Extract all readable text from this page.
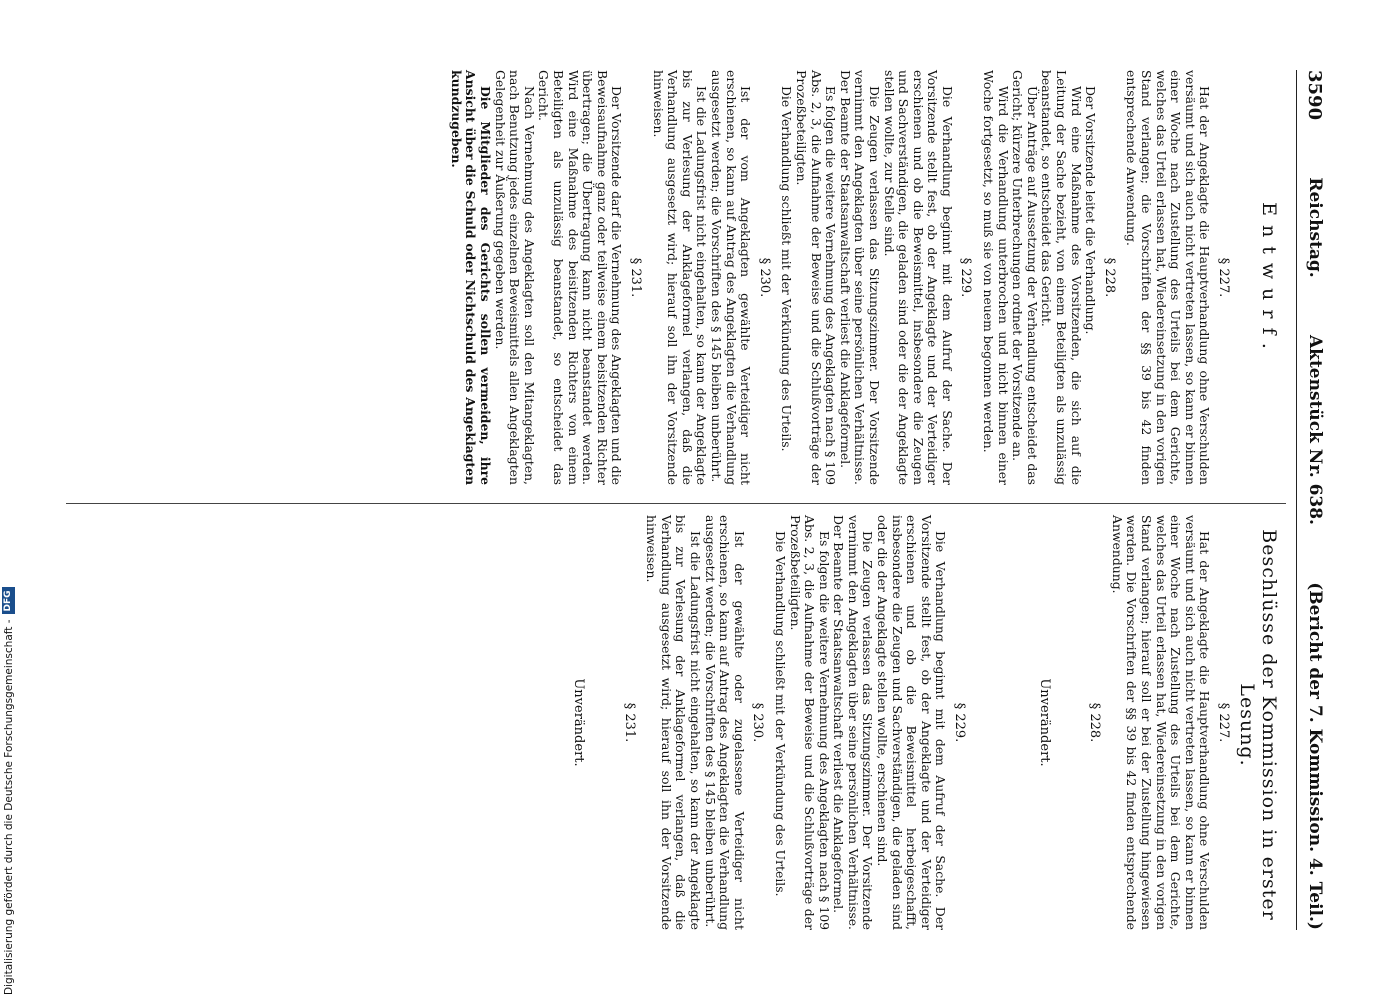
3590
Reichstag.
Aktenstück Nr. 638.
(Bericht der 7. Kommission. 4. Teil.)
Entwurf.
Beschlüsse der Kommission in erster Lesung.
§ 227.

Hat der Angeklagte die Hauptverhandlung ohne Verschulden versäumt und sich auch nicht vertreten lassen, so kann er binnen einer Woche nach Zustellung des Urteils bei dem Gerichte, welches das Urteil erlassen hat, Wiedereinsetzung in den vorigen Stand verlangen; die Vorschriften der §§ 39 bis 42 finden entsprechende Anwendung.

§ 228.

Der Vorsitzende leitet die Verhandlung.

Wird eine Maßnahme des Vorsitzenden, die sich auf die Leitung der Sache bezieht, von einem Beteiligten als unzulässig beanstandet, so entscheidet das Gericht.

Über Anträge auf Aussetzung der Verhandlung entscheidet das Gericht; kürzere Unterbrechungen ordnet der Vorsitzende an.

Wird die Verhandlung unterbrochen und nicht binnen einer Woche fortgesetzt, so muß sie von neuem begonnen werden.

§ 229.

Die Verhandlung beginnt mit dem Aufruf der Sache. Der Vorsitzende stellt fest, ob der Angeklagte und der Verteidiger erschienen und ob die Beweismittel, insbesondere die Zeugen und Sachverständigen, die geladen sind oder die der Angeklagte stellen wollte, zur Stelle sind.

Die Zeugen verlassen das Sitzungszimmer. Der Vorsitzende vernimmt den Angeklagten über seine persönlichen Verhältnisse. Der Beamte der Staatsanwaltschaft verliest die Anklageformel.

Es folgen die weitere Vernehmung des Angeklagten nach § 109 Abs. 2, 3, die Aufnahme der Beweise und die Schlußvorträge der Prozeßbeteiligten.

Die Verhandlung schließt mit der Verkündung des Urteils.

§ 230.

Ist der vom Angeklagten gewählte Verteidiger nicht erschienen, so kann auf Antrag des Angeklagten die Verhandlung ausgesetzt werden; die Vorschriften des § 145 bleiben unberührt.

Ist die Ladungsfrist nicht eingehalten, so kann der Angeklagte bis zur Verlesung der Anklageformel verlangen, daß die Verhandlung ausgesetzt wird; hierauf soll ihn der Vorsitzende hinweisen.

§ 231.

Der Vorsitzende darf die Vernehmung des Angeklagten und die Beweisaufnahme ganz oder teilweise einem beisitzenden Richter übertragen; die Übertragung kann nicht beanstandet werden. Wird eine Maßnahme des beisitzenden Richters von einem Beteiligten als unzulässig beanstandet, so entscheidet das Gericht.

Nach Vernehmung des Angeklagten soll den Mitangeklagten, nach Benutzung jedes einzelnen Beweismittels allen Angeklagten Gelegenheit zur Äußerung gegeben werden.

Die Mitglieder des Gerichts sollen vermeiden, ihre Ansicht über die Schuld oder Nichtschuld des Angeklagten kundzugeben.

§ 227.

Hat der Angeklagte die Hauptverhandlung ohne Verschulden versäumt und sich auch nicht vertreten lassen, so kann er binnen einer Woche nach Zustellung des Urteils bei dem Gerichte, welches das Urteil erlassen hat, Wiedereinsetzung in den vorigen Stand verlangen; hierauf soll er bei der Zustellung hingewiesen werden. Die Vorschriften der §§ 39 bis 42 finden entsprechende Anwendung.

§ 228.
Unverändert.
§ 229.

Die Verhandlung beginnt mit dem Aufruf der Sache. Der Vorsitzende stellt fest, ob der Angeklagte und der Verteidiger erschienen und ob die Beweismittel herbeigeschafft, insbesondere die Zeugen und Sachverständigen, die geladen sind oder die der Angeklagte stellen wollte, erschienen sind.

Die Zeugen verlassen das Sitzungszimmer. Der Vorsitzende vernimmt den Angeklagten über seine persönlichen Verhältnisse. Der Beamte der Staatsanwaltschaft verliest die Anklageformel.

Es folgen die weitere Vernehmung des Angeklagten nach § 109 Abs. 2, 3, die Aufnahme der Beweise und die Schlußvorträge der Prozeßbeteiligten.

Die Verhandlung schließt mit der Verkündung des Urteils.

§ 230.

Ist der gewählte oder zugelassene Verteidiger nicht erschienen, so kann auf Antrag des Angeklagten die Verhandlung ausgesetzt werden; die Vorschriften des § 145 bleiben unberührt.

Ist die Ladungsfrist nicht eingehalten, so kann der Angeklagte bis zur Verlesung der Anklageformel verlangen, daß die Verhandlung ausgesetzt wird; hierauf soll ihn der Vorsitzende hinweisen.

§ 231.
Unverändert.
Digitalisierung gefördert durch die Deutsche Forschungsgemeinschaft -
DFG
